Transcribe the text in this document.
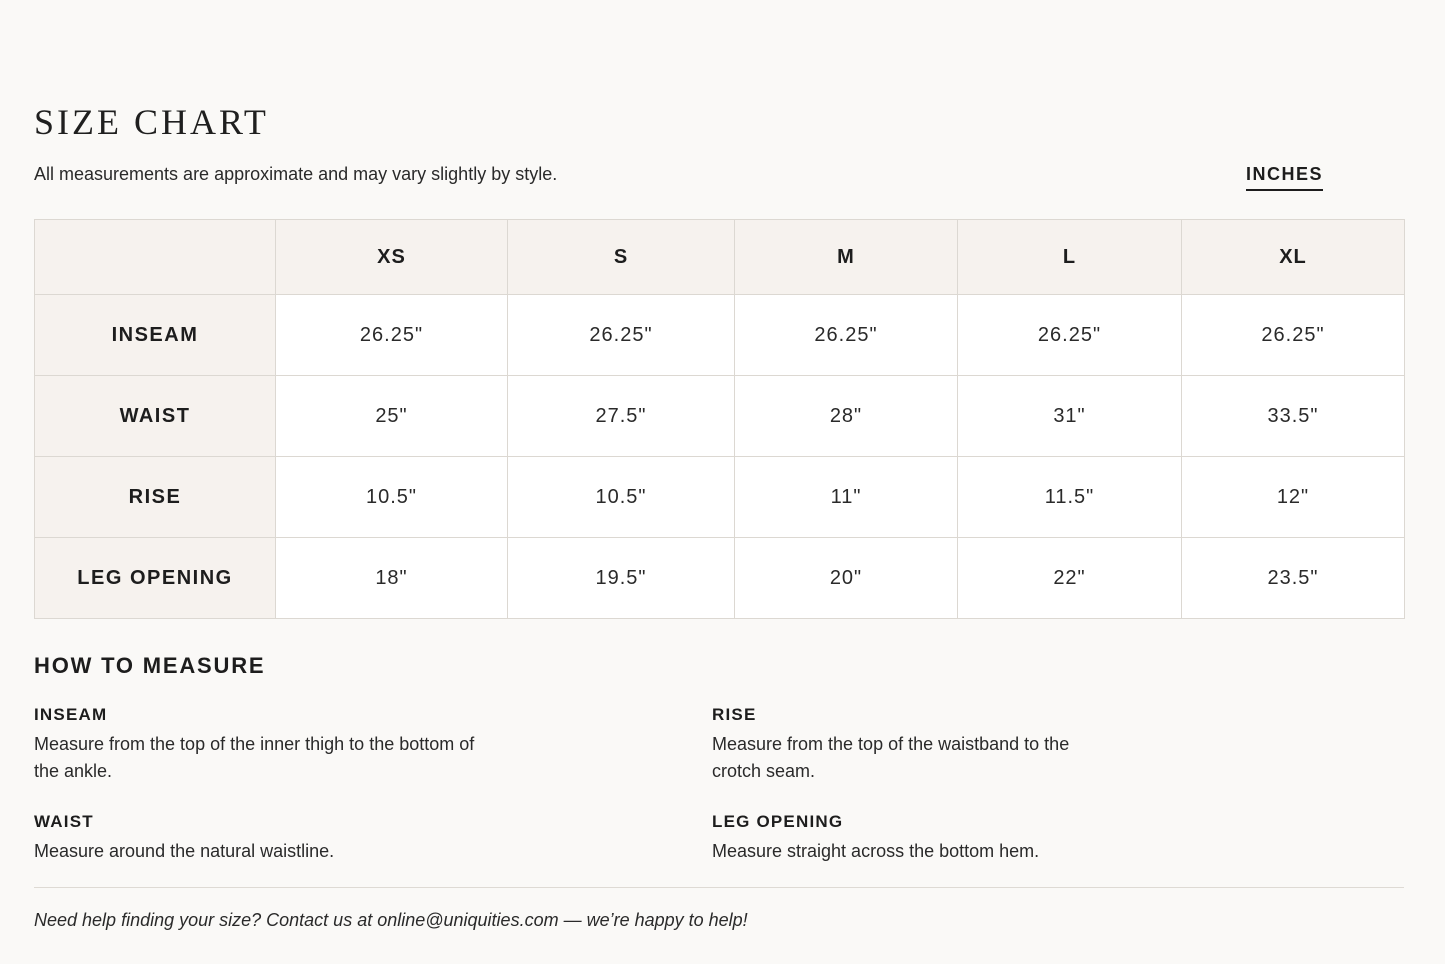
SIZE CHART
All measurements are approximate and may vary slightly by style.	INCHES
	XS	S	M	L	XL
INSEAM	26.25"	26.25"	26.25"	26.25"	26.25"
WAIST	25"	27.5"	28"	31"	33.5"
RISE	10.5"	10.5"	11"	11.5"	12"
LEG OPENING	18"	19.5"	20"	22"	23.5"
HOW TO MEASURE
INSEAM
Measure from the top of the inner thigh to the bottom of the ankle.
RISE
Measure from the top of the waistband to the crotch seam.
WAIST
Measure around the natural waistline.
LEG OPENING
Measure straight across the bottom hem.
Need help finding your size? Contact us at online@uniquities.com — we’re happy to help!
